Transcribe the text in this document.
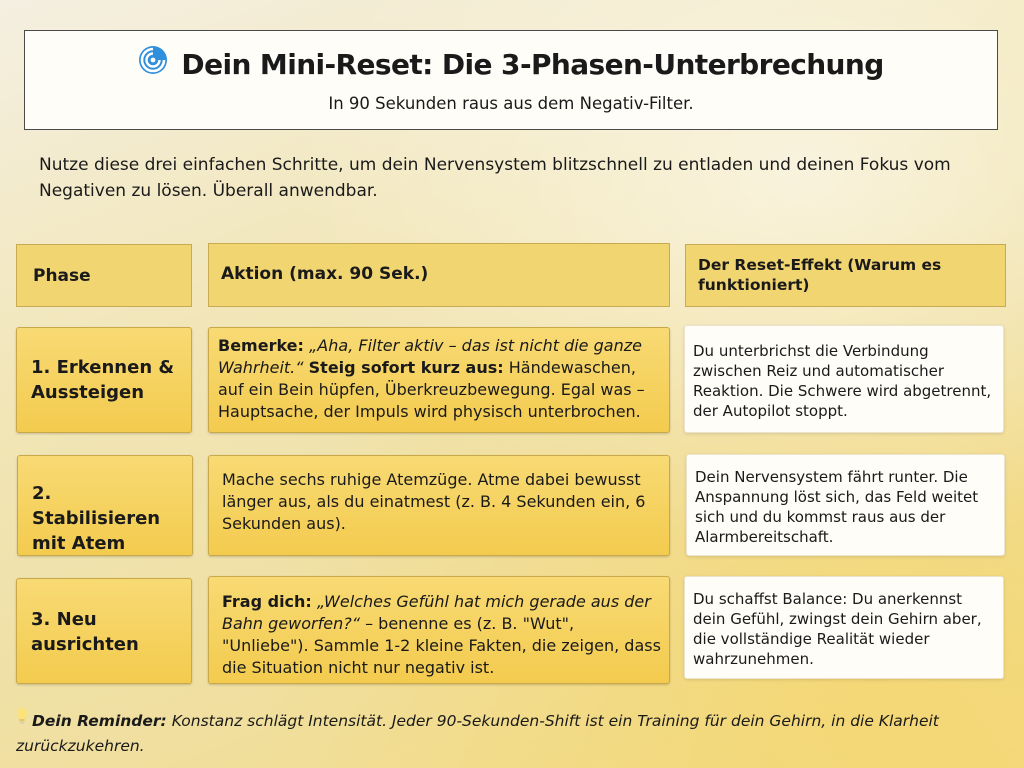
Dein Mini-Reset: Die 3-Phasen-Unterbrechung
In 90 Sekunden raus aus dem Negativ-Filter.
Nutze diese drei einfachen Schritte, um dein Nervensystem blitzschnell zu entladen und deinen Fokus vom Negativen zu lösen. Überall anwendbar.
Phase	Aktion (max. 90 Sek.)	Der Reset-Effekt (Warum es funktioniert)
1. Erkennen & Aussteigen
Bemerke: „Aha, Filter aktiv – das ist nicht die ganze Wahrheit.“ Steig sofort kurz aus: Händewaschen, auf ein Bein hüpfen, Überkreuzbewegung. Egal was – Hauptsache, der Impuls wird physisch unterbrochen.
Du unterbrichst die Verbindung zwischen Reiz und automatischer Reaktion. Die Schwere wird abgetrennt, der Autopilot stoppt.
2. Stabilisieren mit Atem
Mache sechs ruhige Atemzüge. Atme dabei bewusst länger aus, als du einatmest (z. B. 4 Sekunden ein, 6 Sekunden aus).
Dein Nervensystem fährt runter. Die Anspannung löst sich, das Feld weitet sich und du kommst raus aus der Alarmbereitschaft.
3. Neu ausrichten
Frag dich: „Welches Gefühl hat mich gerade aus der Bahn geworfen?“ – benenne es (z. B. "Wut", "Unliebe"). Sammle 1-2 kleine Fakten, die zeigen, dass die Situation nicht nur negativ ist.
Du schaffst Balance: Du anerkennst dein Gefühl, zwingst dein Gehirn aber, die vollständige Realität wieder wahrzunehmen.
Dein Reminder: Konstanz schlägt Intensität. Jeder 90-Sekunden-Shift ist ein Training für dein Gehirn, in die Klarheit zurückzukehren.
